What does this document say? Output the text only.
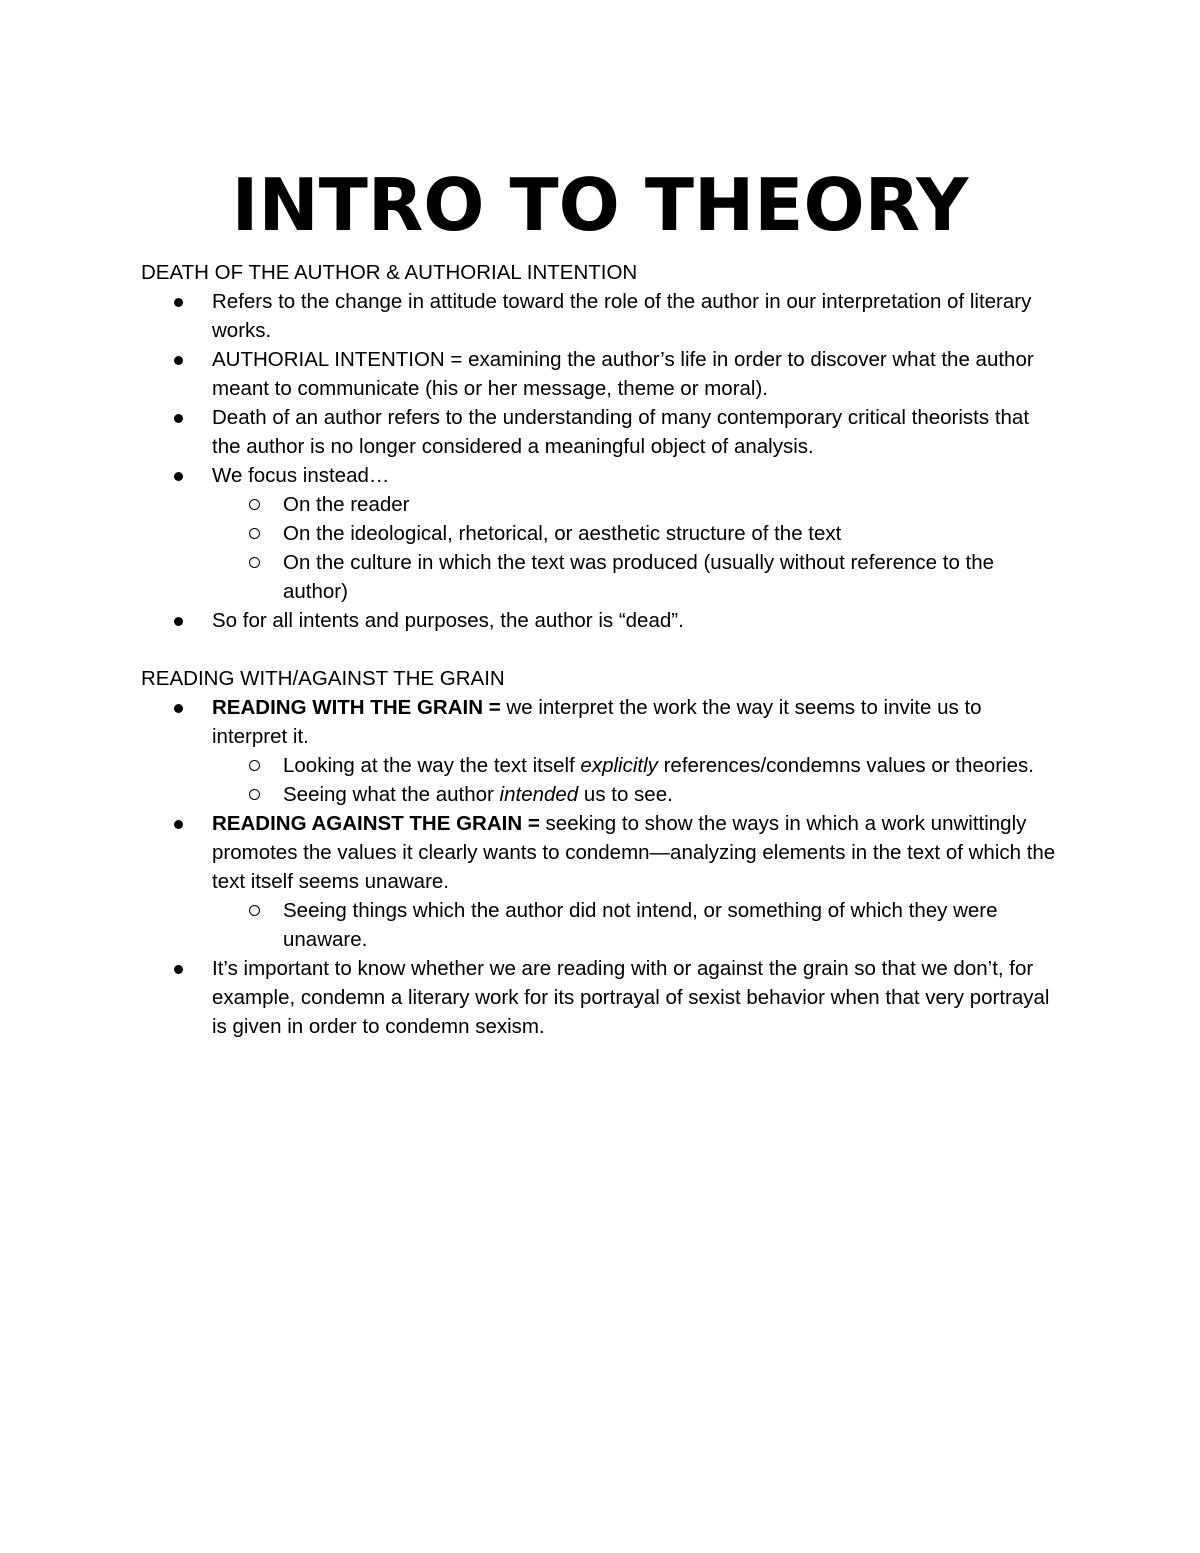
INTRO TO THEORY

DEATH OF THE AUTHOR & AUTHORIAL INTENTION

Refers to the change in attitude toward the role of the author in our interpretation of literary works.
AUTHORIAL INTENTION = examining the author’s life in order to discover what the author meant to communicate (his or her message, theme or moral).
Death of an author refers to the understanding of many contemporary critical theorists that the author is no longer considered a meaningful object of analysis.
We focus instead…
On the reader
On the ideological, rhetorical, or aesthetic structure of the text
On the culture in which the text was produced (usually without reference to the author)
So for all intents and purposes, the author is “dead”.

READING WITH/AGAINST THE GRAIN

READING WITH THE GRAIN = we interpret the work the way it seems to invite us to interpret it.
Looking at the way the text itself explicitly references/condemns values or theories.
Seeing what the author intended us to see.
READING AGAINST THE GRAIN = seeking to show the ways in which a work unwittingly promotes the values it clearly wants to condemn—analyzing elements in the text of which the text itself seems unaware.
Seeing things which the author did not intend, or something of which they were unaware.
It’s important to know whether we are reading with or against the grain so that we don’t, for example, condemn a literary work for its portrayal of sexist behavior when that very portrayal is given in order to condemn sexism.
